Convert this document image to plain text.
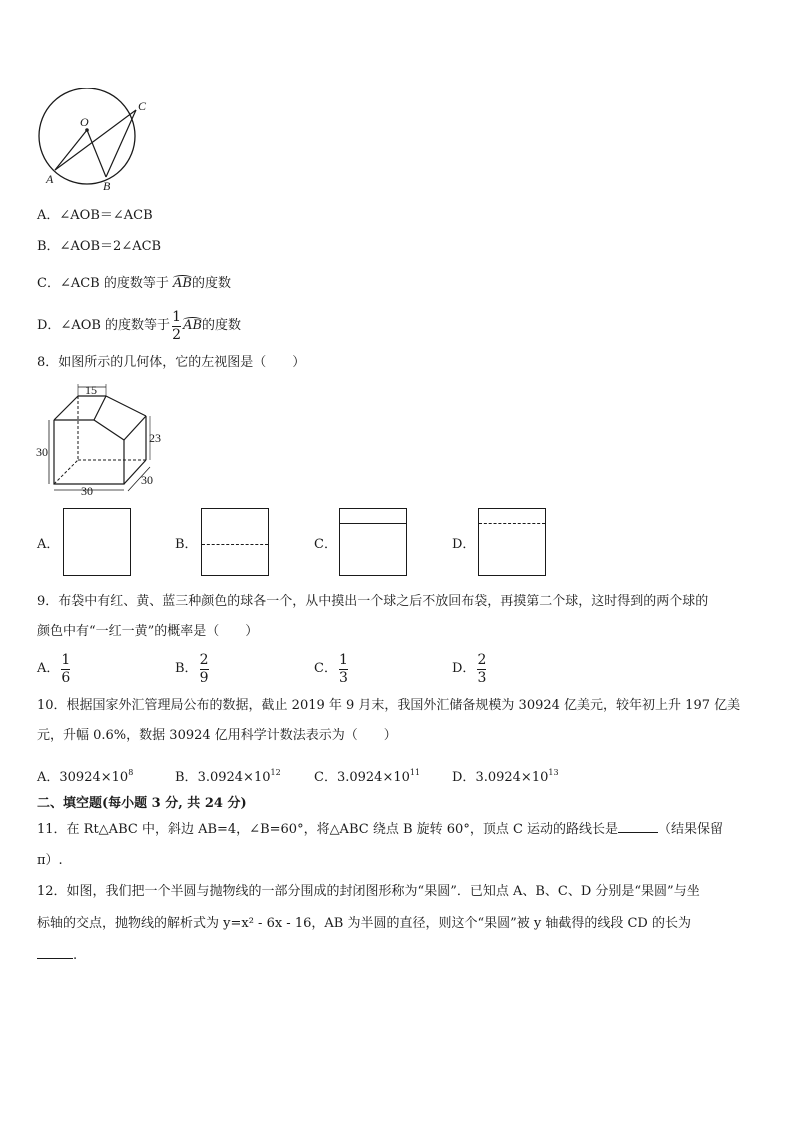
O
A	B
C
A．∠AOB＝∠ACB
B．∠AOB＝2∠ACB
C．∠ACB 的度数等于 AB的度数
D． ∠AOB 的度数等于 $\frac{1}{2}$ AB 的度数
8．如图所示的几何体，它的左视图是（　　）
15
30
23
30
30
A．	B．	C．	D．
9．布袋中有红、黄、蓝三种颜色的球各一个，从中摸出一个球之后不放回布袋，再摸第二个球，这时得到的两个球的
颜色中有“一红一黄”的概率是（　　）
A． $\frac{1}{6}$	B． $\frac{2}{9}$	C． $\frac{1}{3}$	D． $\frac{2}{3}$
10．根据国家外汇管理局公布的数据，截止 2019 年 9 月末，我国外汇储备规模为 30924 亿美元，较年初上升 197 亿美
元，升幅 0.6%，数据 30924 亿用科学计数法表示为（　　）
A．$30924\times 10^8$	B．$3.0924\times 10^{12}$	C．$3.0924\times 10^{11}$ D．$3.0924\times 10^{13}$
二、填空题(每小题 3 分, 共 24 分)
11．在 Rt△ABC 中，斜边 AB=4，∠B=60°，将△ABC 绕点 B 旋转 60°，顶点 C 运动的路线长是	（结果保留
π）.
12．如图，我们把一个半圆与抛物线的一部分围成的封闭图形称为“果圆”．已知点 A、B、C、D 分别是“果圆”与坐
标轴的交点，抛物线的解析式为 y=x² - 6x - 16，AB 为半圆的直径，则这个“果圆”被 y 轴截得的线段 CD 的长为
.
